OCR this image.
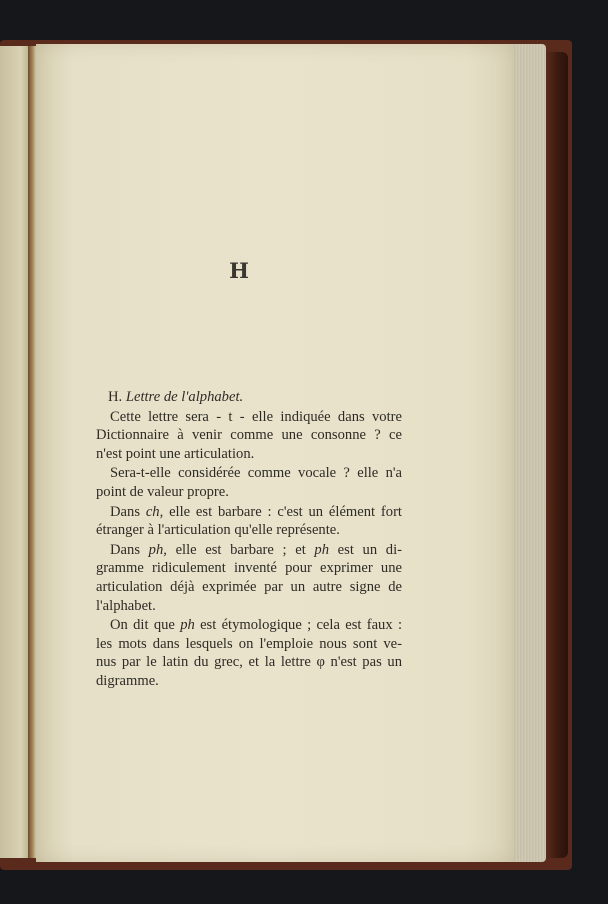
H
H. Lettre de l'alphabet.
Cette lettre sera - t - elle indiquée dans votre
Dictionnaire à venir comme une consonne ? ce
n'est point une articulation.
Sera-t-elle considérée comme vocale ? elle n'a
point de valeur propre.
Dans ch, elle est barbare : c'est un élément fort
étranger à l'articulation qu'elle représente.
Dans ph, elle est barbare ; et ph est un di-
gramme ridiculement inventé pour exprimer une
articulation déjà exprimée par un autre signe de
l'alphabet.
On dit que ph est étymologique ; cela est faux :
les mots dans lesquels on l'emploie nous sont ve-
nus par le latin du grec, et la lettre φ n'est pas un
digramme.
